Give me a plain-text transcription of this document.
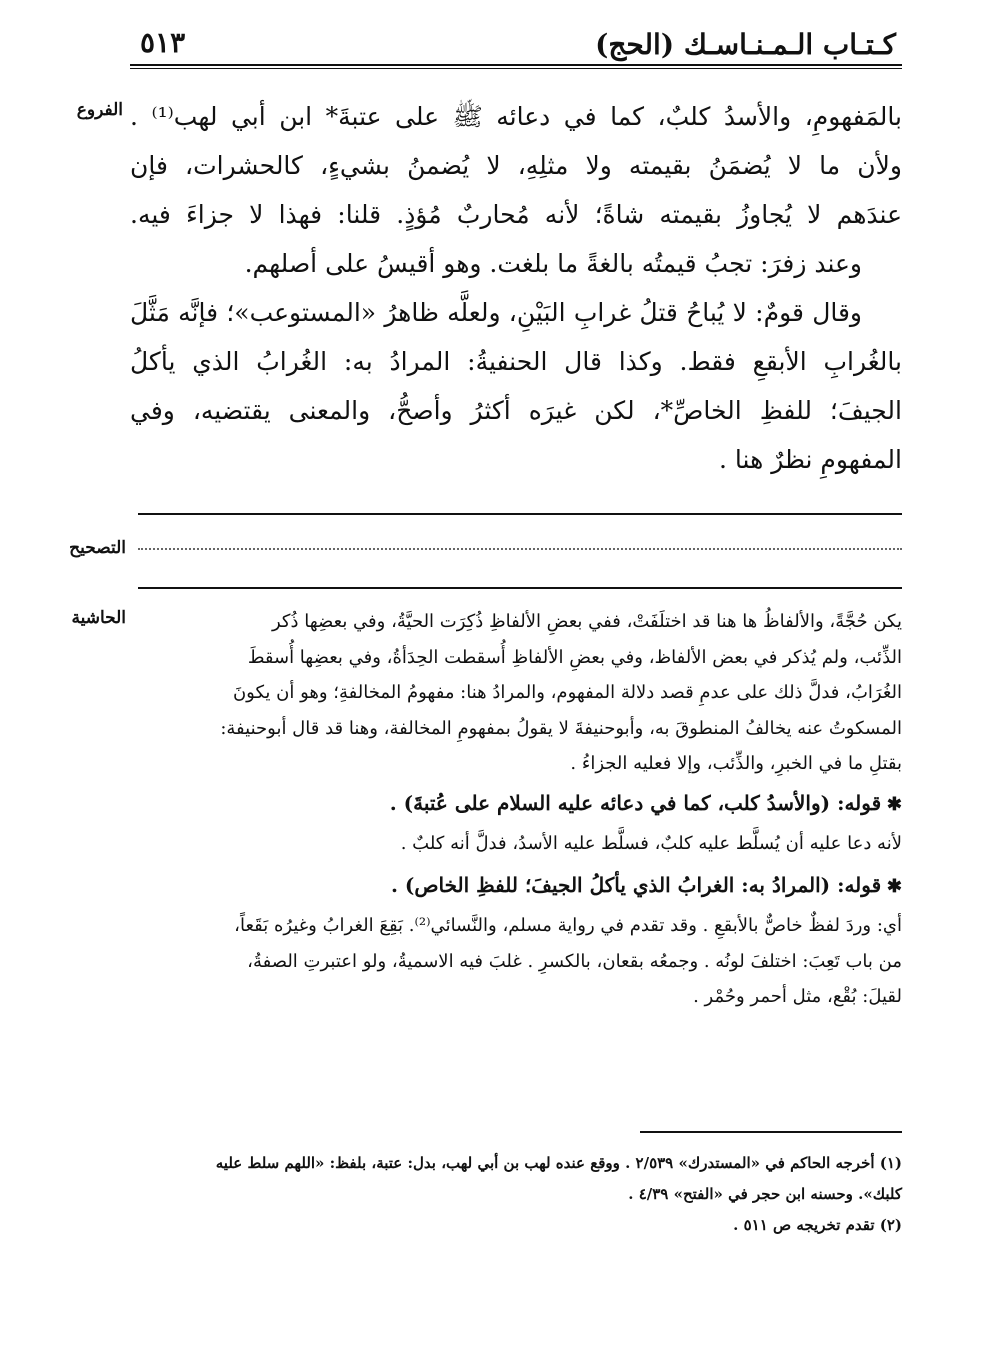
كـتـاب الـمـنـاسـك (الحج)
٥١٣
الفروع
التصحيح
الحاشية
بالمَفهومِ، والأسدُ كلبٌ، كما في دعائه ﷺ على عتبةَ* ابن أبي لهب⁽¹⁾ .
ولأن ما لا يُضمَنُ بقيمته ولا مثلِهِ، لا يُضمنُ بشيءٍ، كالحشرات، فإن
عندَهم لا يُجاوزُ بقيمته شاةً؛ لأنه مُحاربٌ مُؤذٍ. قلنا: فهذا لا جزاءَ فيه.
وعند زفرَ: تجبُ قيمتُه بالغةً ما بلغت. وهو أقيسُ على أصلهم.
وقال قومٌ: لا يُباحُ قتلُ غرابِ البَيْنِ، ولعلَّه ظاهرُ «المستوعب»؛ فإنَّه مَثَّلَ
بالغُرابِ الأبقعِ فقط. وكذا قال الحنفيةُ: المرادُ به: الغُرابُ الذي يأكلُ
الجيفَ؛ للفظِ الخاصِّ*، لكن غيرَه أكثرُ وأصحُّ، والمعنى يقتضيه، وفي
المفهومِ نظرٌ هنا .
يكن حُجَّةً، والألفاظُ ها هنا قد اختلَفَتْ، ففي بعضِ الألفاظِ ذُكِرَت الحيَّةُ، وفي بعضِها ذُكر
الذِّئب، ولم يُذكر في بعض الألفاظ، وفي بعضِ الألفاظِ أُسقطت الحِدَأةُ، وفي بعضِها أُسقطَ
الغُرَابُ، فدلَّ ذلك على عدمِ قصد دلالة المفهوم، والمرادُ هنا: مفهومُ المخالفةِ؛ وهو أن يكونَ
المسكوتُ عنه يخالفُ المنطوقَ به، وأبوحنيفةَ لا يقولُ بمفهومِ المخالفة، وهنا قد قال أبوحنيفة:
بقتلِ ما في الخبرِ، والذِّئب، وإلا فعليه الجزاءُ .
✱ قوله: (والأسدُ كلب، كما في دعائه عليه السلام على عُتبةَ) .
لأنه دعا عليه أن يُسلَّط عليه كلبٌ، فسلَّط عليه الأسدُ، فدلَّ أنه كلبٌ .
✱ قوله: (المرادُ به: الغرابُ الذي يأكلُ الجيفَ؛ للفظِ الخاص) .
أي: وردَ لفظٌ خاصٌّ بالأبقعِ . وقد تقدم في رواية مسلم، والنَّسائي⁽²⁾. بَقِعَ الغرابُ وغيرُه بَقَعاً،
من باب تَعِبَ: اختلفَ لونُه . وجمعُه بقعان، بالكسرِ . غلبَ فيه الاسميةُ، ولو اعتبرتِ الصفةُ،
لقيلَ: بُقْع، مثل أحمر وحُمْر .
(١) أخرجه الحاكم في «المستدرك» ٢/٥٣٩ . ووقع عنده لهب بن أبي لهب، بدل: عتبة، بلفظ: «اللهم سلط عليه
كلبك». وحسنه ابن حجر في «الفتح» ٤/٣٩ .
(٢) تقدم تخريجه ص ٥١١ .
